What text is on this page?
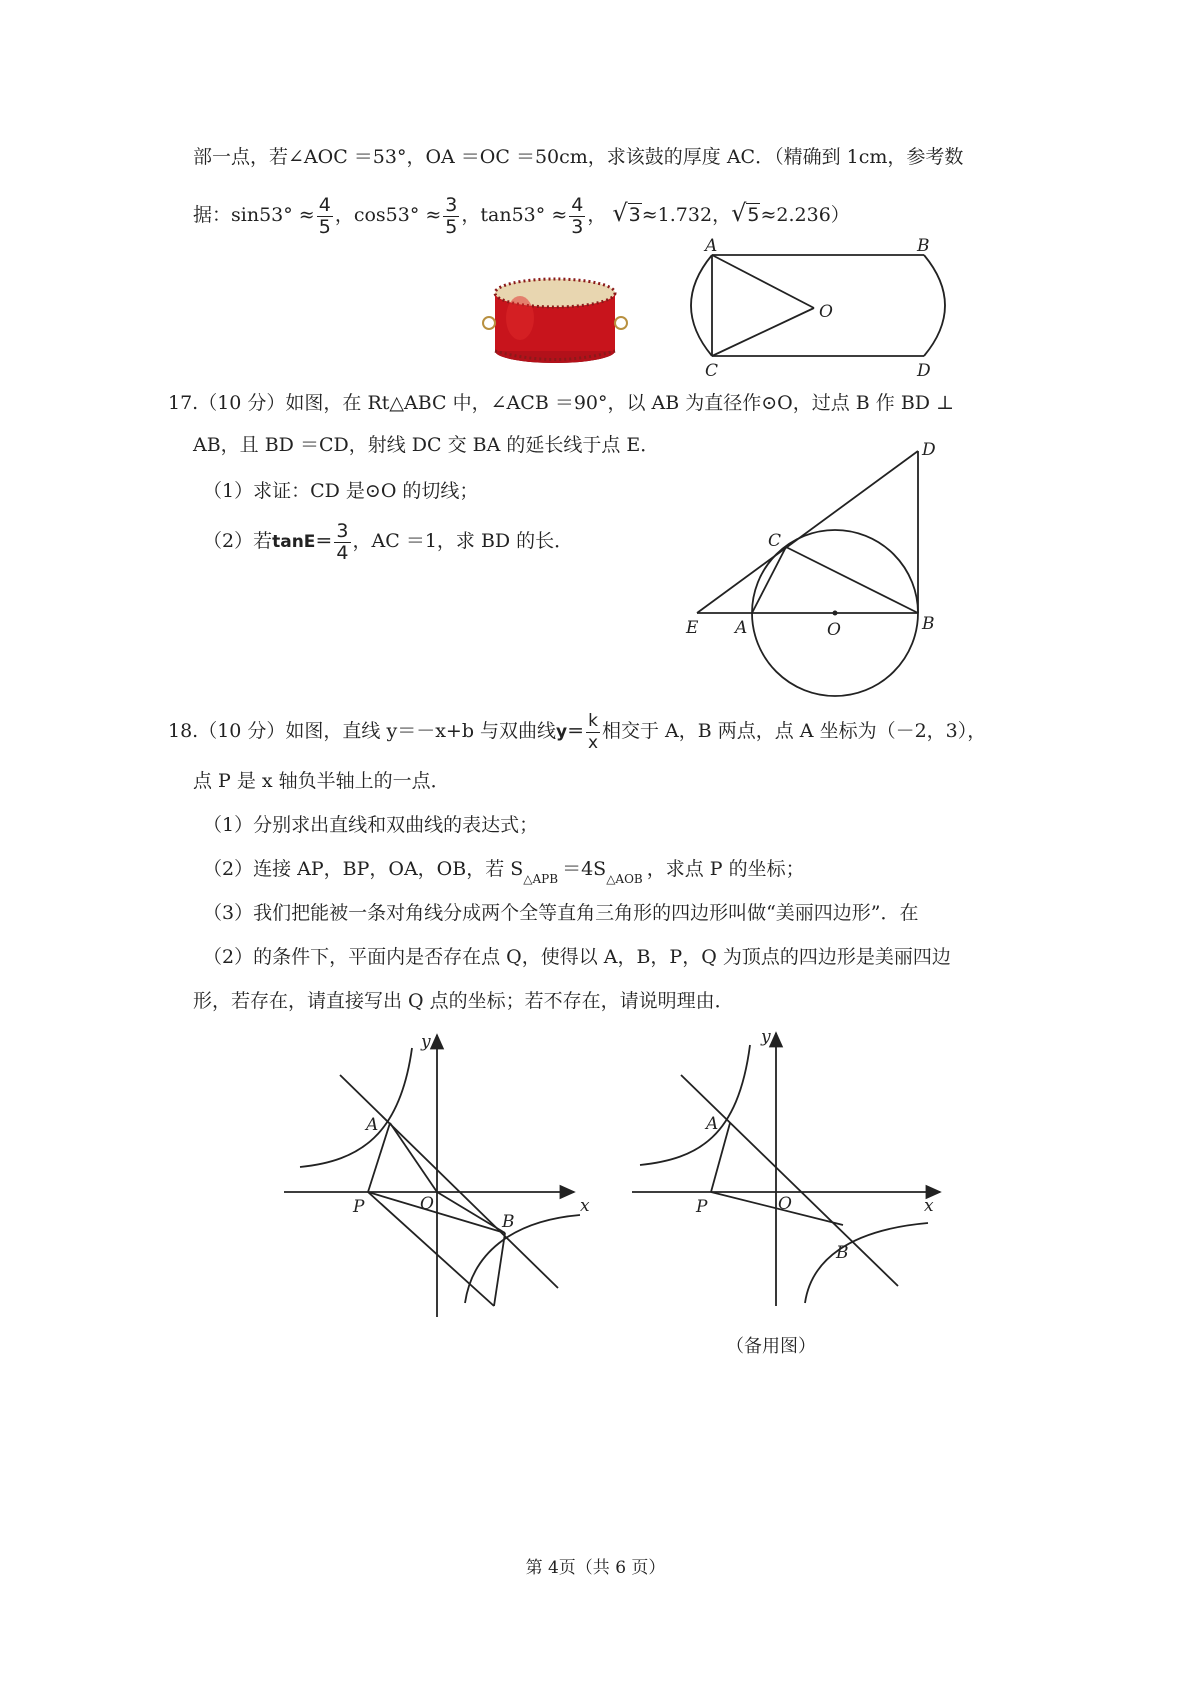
部一点，若∠AOC ＝53°，OA ＝OC ＝50cm，求该鼓的厚度 AC．（精确到 1cm，参考数
据：$\sin 53^\circ \approx \frac{4}{5}$ ，$\cos 53^\circ \approx \frac{3}{5}$ ，$\tan 53^\circ \approx \frac{4}{3}$ ， √3≈1.732，√5≈2.236）
A	B
C	D
O
17.（10 分）如图，在 Rt△ABC 中，∠ACB ＝90°，以 AB 为直径作⊙O，过点 B 作 BD ⊥
AB，且 BD ＝CD，射线 DC 交 BA 的延长线于点 E．
（1）求证：CD 是⊙O 的切线；
（2）若$\tan E= \frac{3}{4}$ ，AC ＝1，求 BD 的长．
D
C
E A	O	B
18.（10 分）如图，直线 y＝－x+b 与双曲线$y= \frac{k}{x}$ 相交于 A，B 两点，点 A 坐标为（－2，3），
点 P 是 x 轴负半轴上的一点．
（1）分别求出直线和双曲线的表达式；
（2）连接 AP，BP，OA，OB，若 $S_{\triangle APB} =4S_{\triangle AOB}$ ，求点 P 的坐标；
（3）我们把能被一条对角线分成两个全等直角三角形的四边形叫做“美丽四边形”．在
（2）的条件下，平面内是否存在点 Q，使得以 A，B，P，Q 为顶点的四边形是美丽四边
形，若存在，请直接写出 Q 点的坐标；若不存在，请说明理由．
y
x
A
P	O
B
y
x
A
P	O
B
（备用图）
第 4页（共 6 页）
